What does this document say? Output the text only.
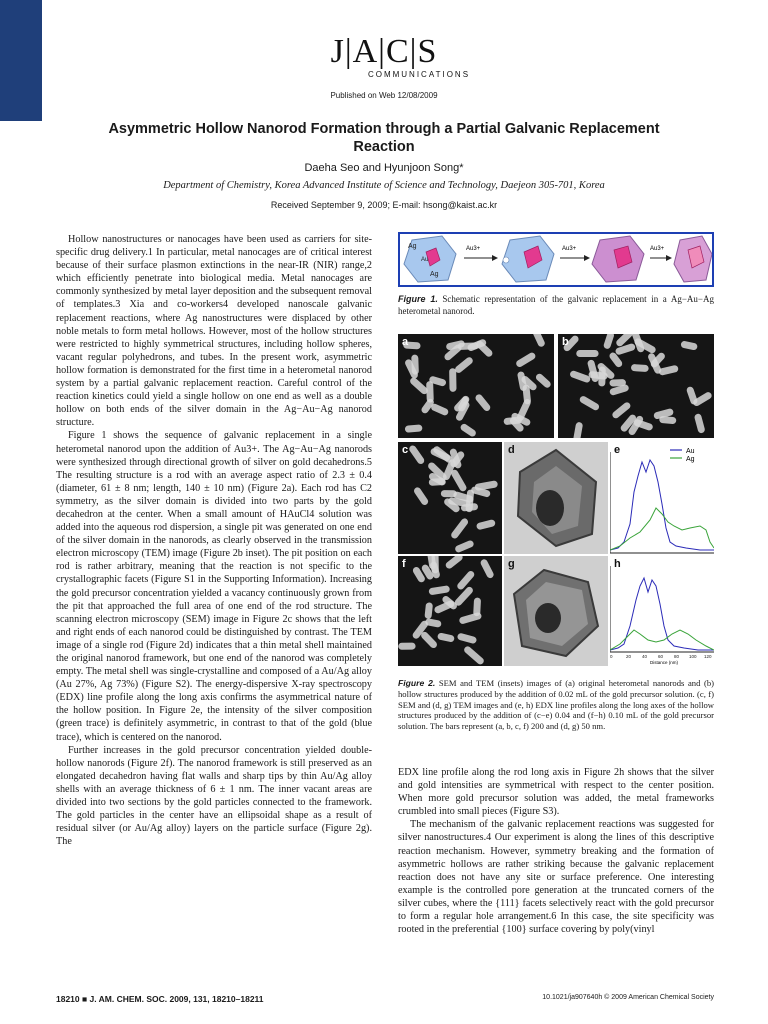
J|A|C|S
COMMUNICATIONS
Published on Web 12/08/2009
Asymmetric Hollow Nanorod Formation through a Partial Galvanic Replacement Reaction
Daeha Seo and Hyunjoon Song*
Department of Chemistry, Korea Advanced Institute of Science and Technology, Daejeon 305-701, Korea
Received September 9, 2009; E-mail: hsong@kaist.ac.kr

Hollow nanostructures or nanocages have been used as carriers for site-specific drug delivery.1 In particular, metal nanocages are of critical interest because of their surface plasmon extinctions in the near-IR (NIR) range,2 which efficiently penetrate into biological media. Metal nanocages are commonly synthesized by metal layer deposition and the subsequent removal of templates.3 Xia and co-workers4 developed nanoscale galvanic replacement reactions, where Ag nanostructures were displaced by other noble metals to form metal hollows. However, most of the hollow structures were restricted to highly symmetrical structures, including hollow spheres, vacant regular polyhedrons, and tubes. In the present work, asymmetric hollow formation is demonstrated for the first time in a heterometal nanorod system by a partial galvanic replacement reaction. Careful control of the reaction kinetics could yield a single hollow on one end as well as a double hollow on both ends of the silver domain in the Ag−Au−Ag nanorod structure.

Figure 1 shows the sequence of galvanic replacement in a single heterometal nanorod upon the addition of Au3+. The Ag−Au−Ag nanorods were synthesized through directional growth of silver on gold decahedrons.5 The resulting structure is a rod with an average aspect ratio of 2.3 ± 0.4 (diameter, 61 ± 8 nm; length, 140 ± 10 nm) (Figure 2a). Each rod has C2 symmetry, as the silver domain is divided into two parts by the gold decahedron at the center. When a small amount of HAuCl4 solution was added into the aqueous rod dispersion, a single pit was generated on one end of the silver domain in the nanorods, as clearly observed in the transmission electron microscopy (TEM) image (Figure 2b inset). The pit position on each rod is rather arbitrary, meaning that the reaction is not specific to the crystallographic facets (Figure S1 in the Supporting Information). Increasing the gold precursor concentration yielded a vacancy continuously grown from the pit that approached the full area of one end of the rod structure. The scanning electron microscopy (SEM) image in Figure 2c shows that the left and right ends of each nanorod could be distinguished by contrast. The TEM image of a single rod (Figure 2d) indicates that a thin metal shell maintained the original nanorod framework, but one end of the nanorod was completely empty. The metal shell was single-crystalline and composed of a Au/Ag alloy (Au 27%, Ag 73%) (Figure S2). The energy-dispersive X-ray spectroscopy (EDX) line profile along the long axis confirms the asymmetrical nature of the hollow position. In Figure 2e, the intensity of the silver composition (green trace) is definitely asymmetric, in contrast to that of the gold (blue trace), which is centered on the nanorod.

Further increases in the gold precursor concentration yielded double-hollow nanorods (Figure 2f). The nanorod framework is still preserved as an elongated decahedron having flat walls and sharp tips by thin Au/Ag alloy shells with an average thickness of 6 ± 1 nm. The inner vacant areas are divided into two sections by the gold particles connected to the framework. The gold particles in the center have an ellipsoidal shape as a result of residual silver (or Au/Ag alloy) layers on the particle surface (Figure 2g). The

Ag
Au
Ag
Au3+	Au3+	Au3+
Figure 1. Schematic representation of the galvanic replacement in a Ag−Au−Ag heterometal nanorod.
a	b
c	d	Au
Ag
e
f	g
0	20 40 60 80 100 120
Distance (nm)
h
Figure 2. SEM and TEM (insets) images of (a) original heterometal nanorods and (b) hollow structures produced by the addition of 0.02 mL of the gold precursor solution. (c, f) SEM and (d, g) TEM images and (e, h) EDX line profiles along the long axes of the hollow structures produced by the addition of (c−e) 0.04 and (f−h) 0.10 mL of the gold precursor solution. The bars represent (a, b, c, f) 200 and (d, g) 50 nm.

EDX line profile along the rod long axis in Figure 2h shows that the silver and gold intensities are symmetrical with respect to the center position. When more gold precursor solution was added, the metal frameworks crumbled into small pieces (Figure S3).

The mechanism of the galvanic replacement reactions was suggested for silver nanostructures.4 Our experiment is along the lines of this descriptive reaction mechanism. However, symmetry breaking and the formation of asymmetric hollows are rather striking because the galvanic replacement reaction does not have any site or surface preference. One interesting example is the controlled pore generation at the truncated corners of the silver cubes, where the {111} facets selectively react with the gold precursor to form a regular hole arrangement.6 In this case, the site specificity was rooted in the preferential {100} surface covering by poly(vinyl

18210 ■ J. AM. CHEM. SOC. 2009, 131, 18210–18211	10.1021/ja907640h © 2009 American Chemical Society
